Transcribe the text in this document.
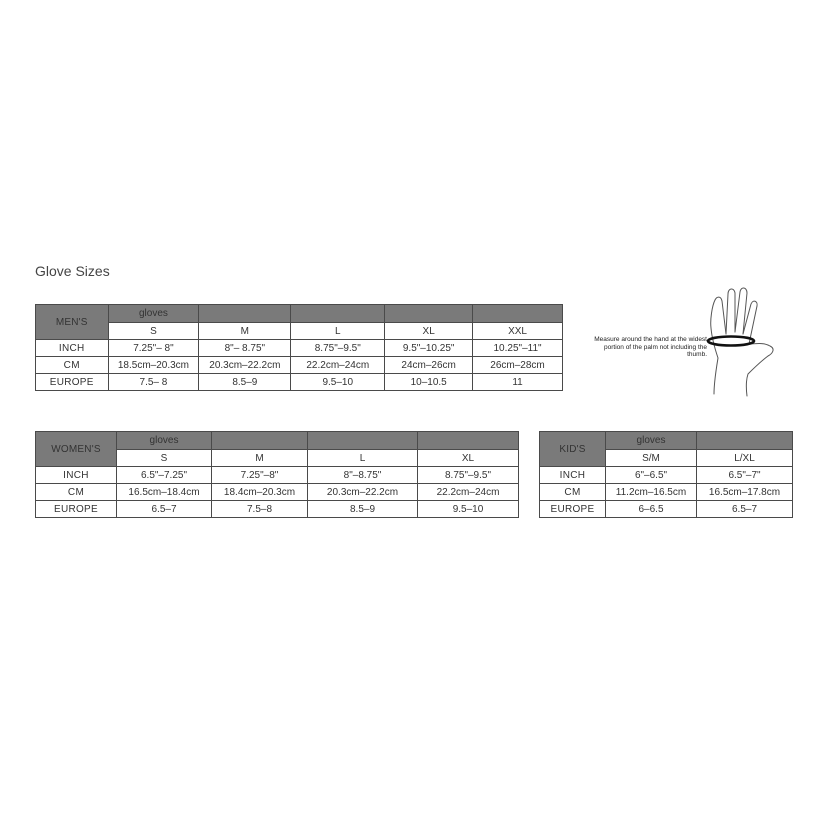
Glove Sizes
MEN'S	gloves				
	S	M	L	XL	XXL
INCH	7.25"– 8"	8"– 8.75"	8.75"–9.5"	9.5"–10.25"	10.25"–11"
CM	18.5cm–20.3cm	20.3cm–22.2cm	22.2cm–24cm	24cm–26cm	26cm–28cm
EUROPE	7.5– 8	8.5–9	9.5–10	10–10.5	11
WOMEN'S	gloves			
	S	M	L	XL
INCH	6.5"–7.25"	7.25"–8"	8"–8.75"	8.75"–9.5"
CM	16.5cm–18.4cm	18.4cm–20.3cm	20.3cm–22.2cm	22.2cm–24cm
EUROPE	6.5–7	7.5–8	8.5–9	9.5–10
KID'S	gloves	
	S/M	L/XL
INCH	6"–6.5"	6.5"–7"
CM	11.2cm–16.5cm	16.5cm–17.8cm
EUROPE	6–6.5	6.5–7
Measure around the hand at the widest portion of the palm not including the thumb.
